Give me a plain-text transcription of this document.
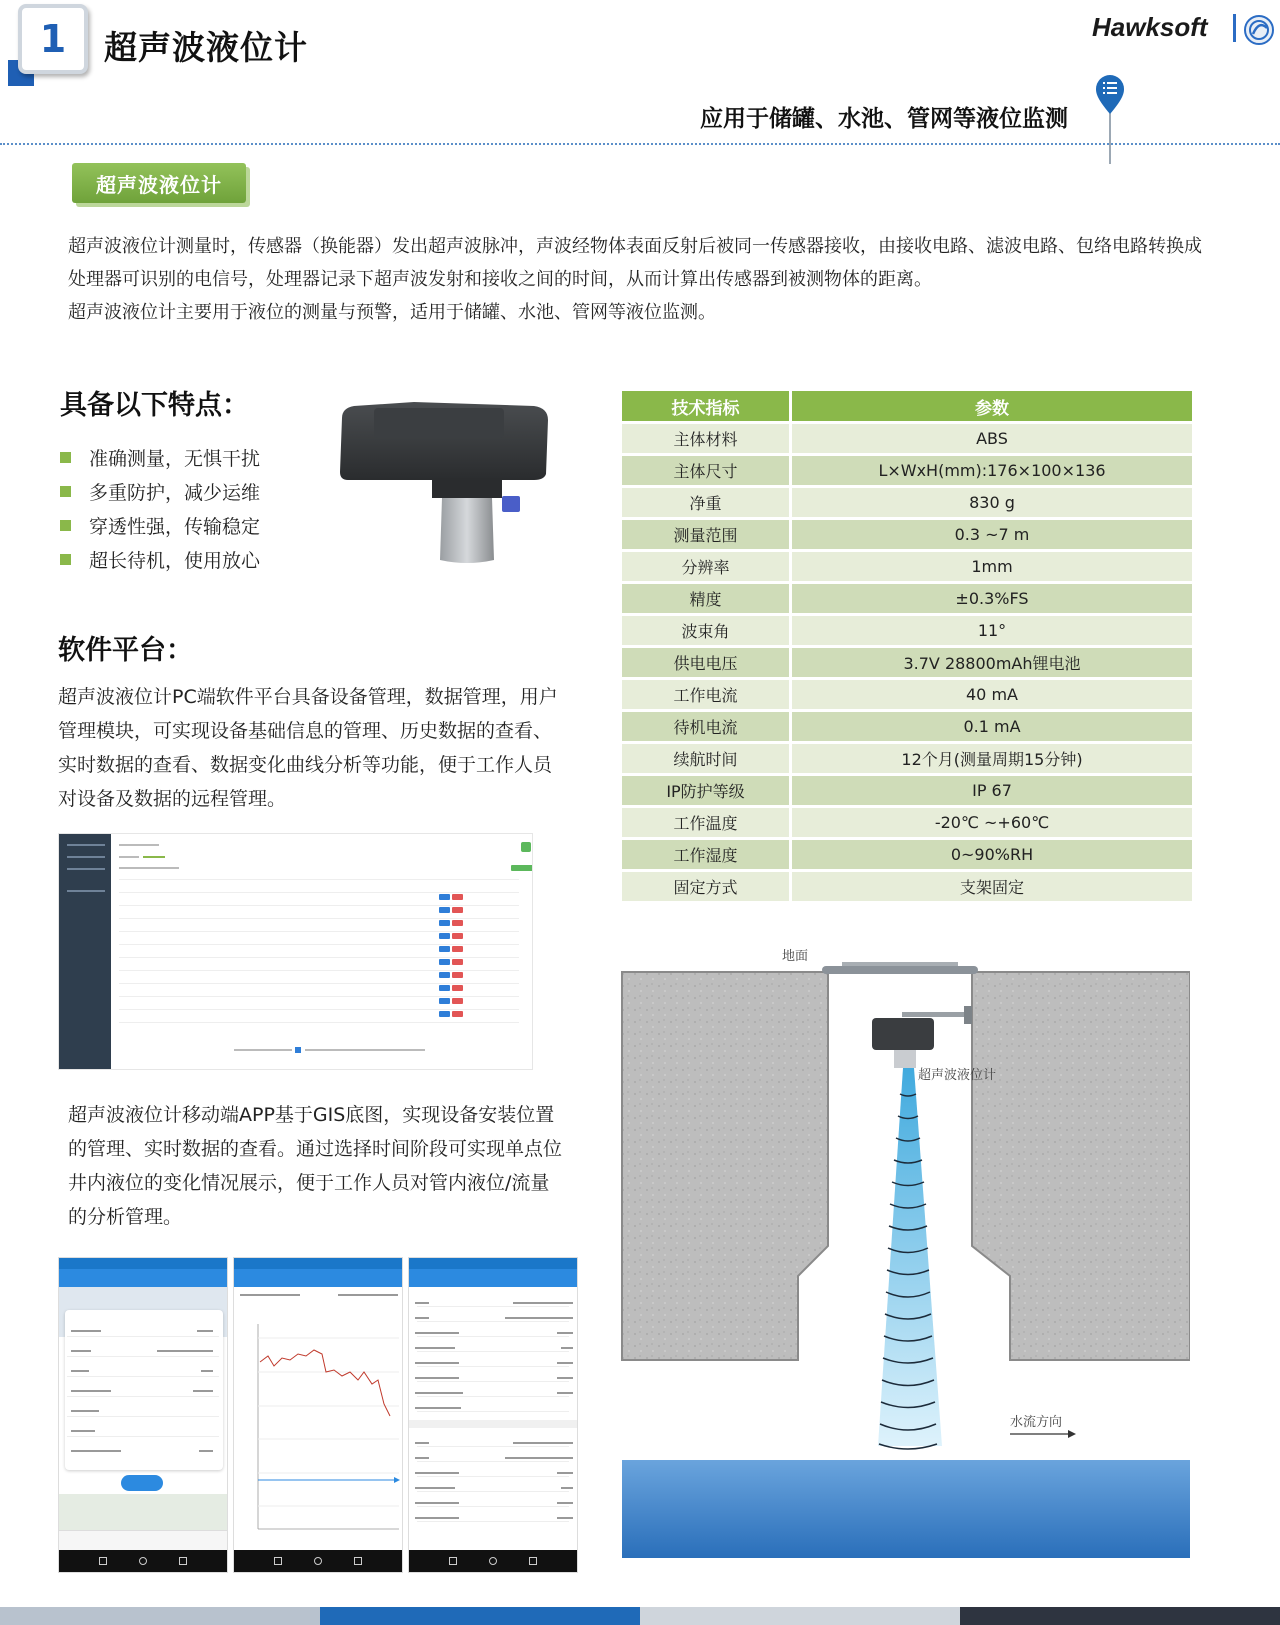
1	超声波液位计
Hawksoft
应用于储罐、水池、管网等液位监测
超声波液位计

超声波液位计测量时，传感器（换能器）发出超声波脉冲，声波经物体表面反射后被同一传感器接收，由接收电路、滤波电路、包络电路转换成处理器可识别的电信号，处理器记录下超声波发射和接收之间的时间，从而计算出传感器到被测物体的距离。

超声波液位计主要用于液位的测量与预警，适用于储罐、水池、管网等液位监测。

具备以下特点：
准确测量，无惧干扰
多重防护，减少运维
穿透性强，传输稳定
超长待机，使用放心
软件平台：
超声波液位计PC端软件平台具备设备管理，数据管理，用户管理模块，可实现设备基础信息的管理、历史数据的查看、实时数据的查看、数据变化曲线分析等功能，便于工作人员对设备及数据的远程管理。
超声波液位计移动端APP基于GIS底图，实现设备安装位置的管理、实时数据的查看。通过选择时间阶段可实现单点位井内液位的变化情况展示，便于工作人员对管内液位/流量的分析管理。
技术指标	参数
主体材料	ABS
主体尺寸	L×WxH(mm):176×100×136
净重	830 g
测量范围	0.3 ~7 m
分辨率	1mm
精度	±0.3%FS
波束角	11°
供电电压	3.7V 28800mAh锂电池
工作电流	40 mA
待机电流	0.1 mA
续航时间	12个月(测量周期15分钟)
IP防护等级	IP 67
工作温度	-20℃ ~+60℃
工作湿度	0~90%RH
固定方式	支架固定
地面
超声波液位计
水流方向
